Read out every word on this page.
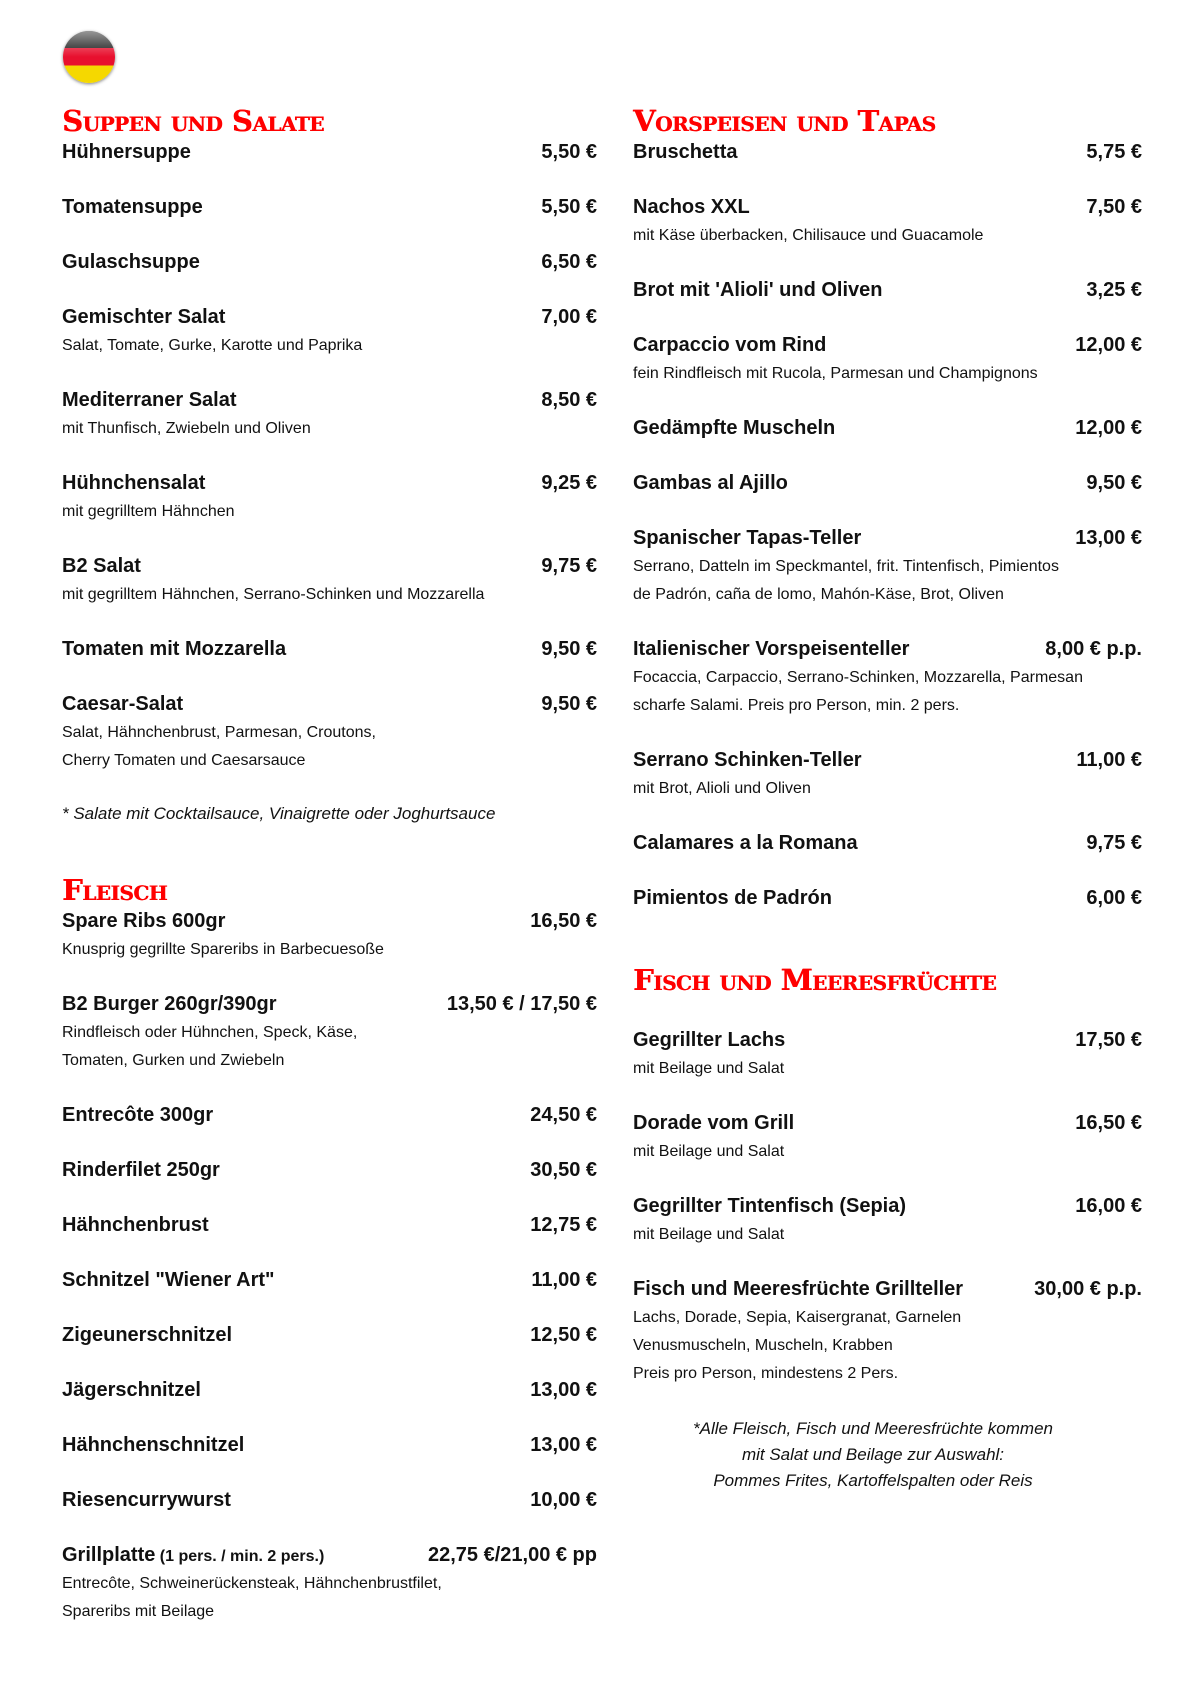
Suppen und Salate
Hühnersuppe	5,50 €
Tomatensuppe	5,50 €
Gulaschsuppe	6,50 €
Gemischter Salat	7,00 €
Salat, Tomate, Gurke, Karotte und Paprika
Mediterraner Salat	8,50 €
mit Thunfisch, Zwiebeln und Oliven
Hühnchensalat	9,25 €
mit gegrilltem Hähnchen
B2 Salat	9,75 €
mit gegrilltem Hähnchen, Serrano-Schinken und Mozzarella
Tomaten mit Mozzarella	9,50 €
Caesar-Salat	9,50 €
Salat, Hähnchenbrust, Parmesan, Croutons,
Cherry Tomaten und Caesarsauce
* Salate mit Cocktailsauce, Vinaigrette oder Joghurtsauce
Fleisch
Spare Ribs 600gr	16,50 €
Knusprig gegrillte Spareribs in Barbecuesoße
B2 Burger 260gr/390gr	13,50 € / 17,50 €
Rindfleisch oder Hühnchen, Speck, Käse,
Tomaten, Gurken und Zwiebeln
Entrecôte 300gr	24,50 €
Rinderfilet 250gr	30,50 €
Hähnchenbrust	12,75 €
Schnitzel "Wiener Art"	11,00 €
Zigeunerschnitzel	12,50 €
Jägerschnitzel	13,00 €
Hähnchenschnitzel	13,00 €
Riesencurrywurst	10,00 €
Grillplatte (1 pers. / min. 2 pers.)	22,75 €/21,00 € pp
Entrecôte, Schweinerückensteak, Hähnchenbrustfilet,
Spareribs mit Beilage
Vorspeisen und Tapas
Bruschetta	5,75 €
Nachos XXL	7,50 €
mit Käse überbacken, Chilisauce und Guacamole
Brot mit 'Alioli' und Oliven	3,25 €
Carpaccio vom Rind	12,00 €
fein Rindfleisch mit Rucola, Parmesan und Champignons
Gedämpfte Muscheln	12,00 €
Gambas al Ajillo	9,50 €
Spanischer Tapas-Teller	13,00 €
Serrano, Datteln im Speckmantel, frit. Tintenfisch, Pimientos
de Padrón, caña de lomo, Mahón-Käse, Brot, Oliven
Italienischer Vorspeisenteller	8,00 € p.p.
Focaccia, Carpaccio, Serrano-Schinken, Mozzarella, Parmesan
scharfe Salami. Preis pro Person, min. 2 pers.
Serrano Schinken-Teller	11,00 €
mit Brot, Alioli und Oliven
Calamares a la Romana	9,75 €
Pimientos de Padrón	6,00 €
Fisch und Meeresfrüchte
Gegrillter Lachs	17,50 €
mit Beilage und Salat
Dorade vom Grill	16,50 €
mit Beilage und Salat
Gegrillter Tintenfisch (Sepia)	16,00 €
mit Beilage und Salat
Fisch und Meeresfrüchte Grillteller	30,00 € p.p.
Lachs, Dorade, Sepia, Kaisergranat, Garnelen
Venusmuscheln, Muscheln, Krabben
Preis pro Person, mindestens 2 Pers.
*Alle Fleisch, Fisch und Meeresfrüchte kommen
mit Salat und Beilage zur Auswahl:
Pommes Frites, Kartoffelspalten oder Reis
